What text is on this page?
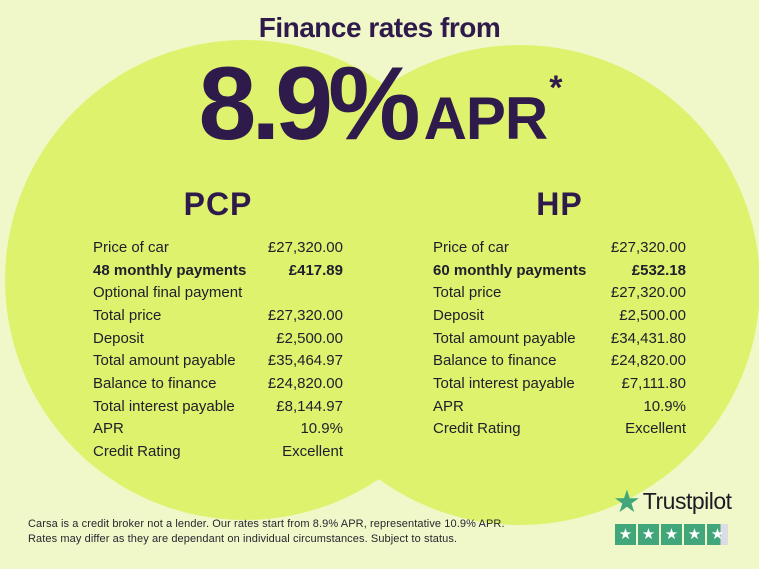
Finance rates from
8.9% APR*
PCP
Price of car	£27,320.00
48 monthly payments	£417.89
Optional final payment
Total price	£27,320.00
Deposit	£2,500.00
Total amount payable £35,464.97
Balance to finance	£24,820.00
Total interest payable	£8,144.97
APR	10.9%
Credit Rating	Excellent
HP
Price of car	£27,320.00
60 monthly payments	£532.18
Total price	£27,320.00
Deposit	£2,500.00
Total amount payable £34,431.80
Balance to finance	£24,820.00
Total interest payable	£7,111.80
APR	10.9%
Credit Rating	Excellent
Carsa is a credit broker not a lender. Our rates start from 8.9% APR, representative 10.9% APR.
Rates may differ as they are dependant on individual circumstances. Subject to status.
★ Trustpilot
★ ★ ★ ★ ★
